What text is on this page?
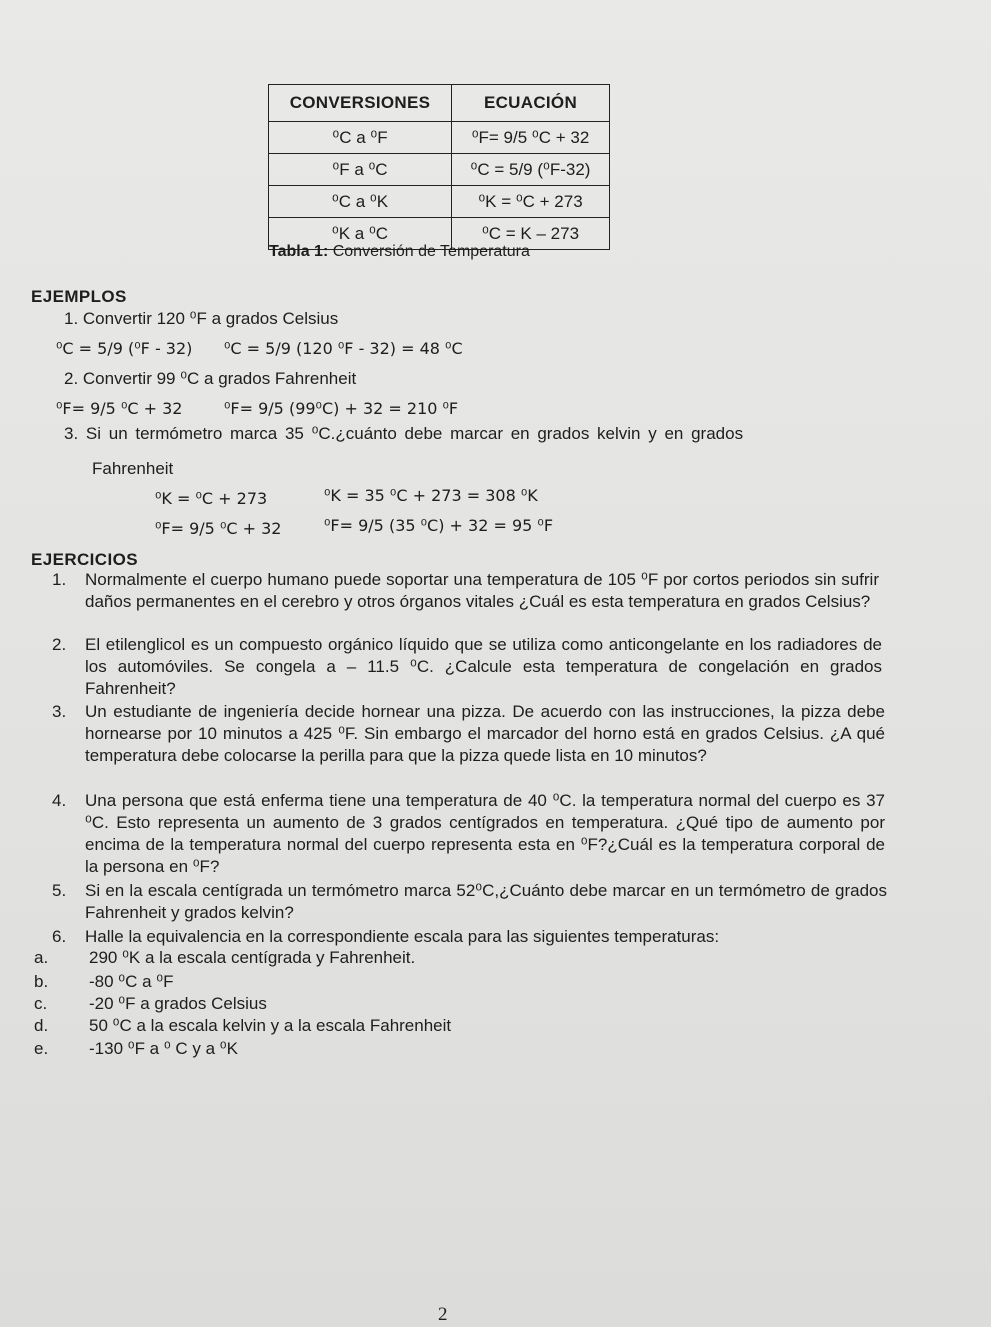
CONVERSIONES	ECUACIÓN
⁰C a ⁰F	⁰F= 9/5 ⁰C + 32
⁰F a ⁰C	⁰C = 5/9 (⁰F-32)
⁰C a ⁰K	⁰K = ⁰C + 273
⁰K a ⁰C	⁰C = K – 273
Tabla 1: Conversión de Temperatura
EJEMPLOS
1. Convertir 120 ⁰F a grados Celsius
⁰C = 5/9 (⁰F - 32) ⁰C = 5/9 (120 ⁰F - 32) = 48 ⁰C
2. Convertir 99 ⁰C a grados Fahrenheit
⁰F= 9/5 ⁰C + 32	⁰F= 9/5 (99⁰C) + 32 = 210 ⁰F
3. Si un termómetro marca 35 ⁰C.¿cuánto debe marcar en grados kelvin y en grados
Fahrenheit
⁰K = ⁰C + 273	⁰K = 35 ⁰C + 273 = 308 ⁰K
⁰F= 9/5 ⁰C + 32	⁰F= 9/5 (35 ⁰C) + 32 = 95 ⁰F
EJERCICIOS
1. Normalmente el cuerpo humano puede soportar una temperatura de 105 ⁰F por cortos periodos sin sufrir daños permanentes en el cerebro y otros órganos vitales ¿Cuál es esta temperatura en grados Celsius?
2. El etilenglicol es un compuesto orgánico líquido que se utiliza como anticongelante en los radiadores de los automóviles. Se congela a – 11.5 ⁰C. ¿Calcule esta temperatura de congelación en grados Fahrenheit?
3. Un estudiante de ingeniería decide hornear una pizza. De acuerdo con las instrucciones, la pizza debe hornearse por 10 minutos a 425 ⁰F. Sin embargo el marcador del horno está en grados Celsius. ¿A qué temperatura debe colocarse la perilla para que la pizza quede lista en 10 minutos?
4. Una persona que está enferma tiene una temperatura de 40 ⁰C. la temperatura normal del cuerpo es 37 ⁰C. Esto representa un aumento de 3 grados centígrados en temperatura. ¿Qué tipo de aumento por encima de la temperatura normal del cuerpo representa esta en ⁰F?¿Cuál es la temperatura corporal de la persona en ⁰F?
5. Si en la escala centígrada un termómetro marca 52⁰C,¿Cuánto debe marcar en un termómetro de grados Fahrenheit y grados kelvin?
6. Halle la equivalencia en la correspondiente escala para las siguientes temperaturas:
a. 290 ⁰K a la escala centígrada y Fahrenheit.
b. -80 ⁰C a ⁰F
c. -20 ⁰F a grados Celsius
d. 50 ⁰C a la escala kelvin y a la escala Fahrenheit
e. -130 ⁰F a ⁰ C y a ⁰K
2
